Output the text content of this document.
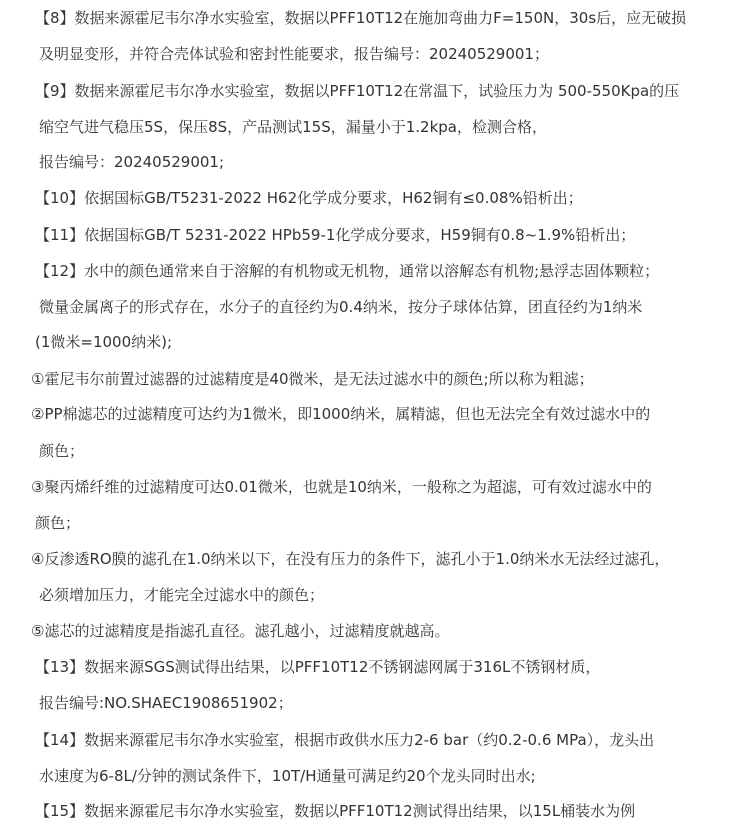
【8】数据来源霍尼韦尔净水实验室，数据以PFF10T12在施加弯曲力F=150N，30s后，应无破损
及明显变形，并符合壳体试验和密封性能要求，报告编号：20240529001；
【9】数据来源霍尼韦尔净水实验室，数据以PFF10T12在常温下，试验压力为 500-550Kpa的压
缩空气进气稳压5S，保压8S，产品测试15S，漏量小于1.2kpa，检测合格，
报告编号：20240529001;
【10】依据国标GB/T5231-2022 H62化学成分要求，H62铜有≤0.08%铅析出；
【11】依据国标GB/T 5231-2022 HPb59-1化学成分要求，H59铜有0.8~1.9%铅析出；
【12】水中的颜色通常来自于溶解的有机物或无机物，通常以溶解态有机物;悬浮志固体颗粒；
微量金属离子的形式存在，水分子的直径约为0.4纳米，按分子球体估算，团直径约为1纳米
(1微米=1000纳米);
①霍尼韦尔前置过滤器的过滤精度是40微米，是无法过滤水中的颜色;所以称为粗滤；
②PP棉滤芯的过滤精度可达约为1微米，即1000纳米，属精滤，但也无法完全有效过滤水中的
颜色；
③聚丙烯纤维的过滤精度可达0.01微米，也就是10纳米，一般称之为超滤，可有效过滤水中的
颜色；
④反渗透RO膜的滤孔在1.0纳米以下，在没有压力的条件下，滤孔小于1.0纳米水无法经过滤孔，
必须增加压力，才能完全过滤水中的颜色；
⑤滤芯的过滤精度是指滤孔直径。滤孔越小，过滤精度就越高。
【13】数据来源SGS测试得出结果，以PFF10T12不锈钢滤网属于316L不锈钢材质，
报告编号:NO.SHAEC1908651902；
【14】数据来源霍尼韦尔净水实验室，根据市政供水压力2-6 bar（约0.2-0.6 MPa），龙头出
水速度为6-8L/分钟的测试条件下，10T/H通量可满足约20个龙头同时出水;
【15】数据来源霍尼韦尔净水实验室，数据以PFF10T12测试得出结果，以15L桶装水为例
